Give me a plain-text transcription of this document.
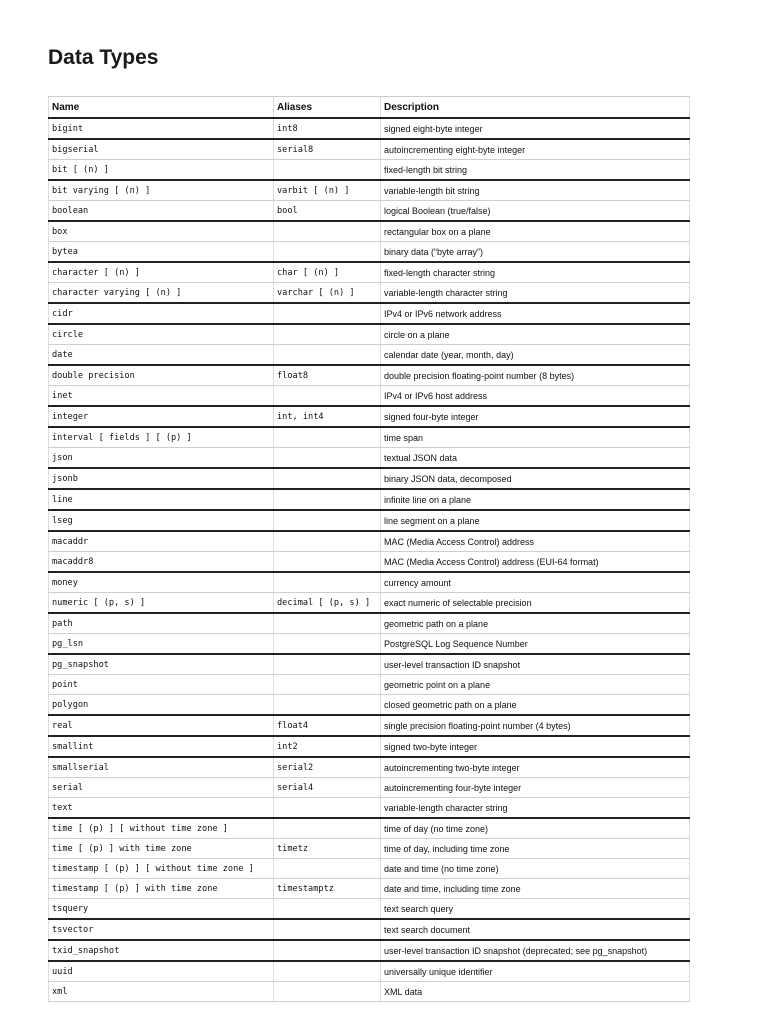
Data Types
Name	Aliases	Description
bigint	int8	signed eight-byte integer
bigserial	serial8	autoincrementing eight-byte integer
bit [ (n) ]		fixed-length bit string
bit varying [ (n) ]	varbit [ (n) ]	variable-length bit string
boolean	bool	logical Boolean (true/false)
box		rectangular box on a plane
bytea		binary data (“byte array”)
character [ (n) ]	char [ (n) ]	fixed-length character string
character varying [ (n) ]	varchar [ (n) ]	variable-length character string
cidr		IPv4 or IPv6 network address
circle		circle on a plane
date		calendar date (year, month, day)
double precision	float8	double precision floating-point number (8 bytes)
inet		IPv4 or IPv6 host address
integer	int, int4	signed four-byte integer
interval [ fields ] [ (p) ]		time span
json		textual JSON data
jsonb		binary JSON data, decomposed
line		infinite line on a plane
lseg		line segment on a plane
macaddr		MAC (Media Access Control) address
macaddr8		MAC (Media Access Control) address (EUI-64 format)
money		currency amount
numeric [ (p, s) ]	decimal [ (p, s) ]	exact numeric of selectable precision
path		geometric path on a plane
pg_lsn		PostgreSQL Log Sequence Number
pg_snapshot		user-level transaction ID snapshot
point		geometric point on a plane
polygon		closed geometric path on a plane
real	float4	single precision floating-point number (4 bytes)
smallint	int2	signed two-byte integer
smallserial	serial2	autoincrementing two-byte integer
serial	serial4	autoincrementing four-byte integer
text		variable-length character string
time [ (p) ] [ without time zone ]		time of day (no time zone)
time [ (p) ] with time zone	timetz	time of day, including time zone
timestamp [ (p) ] [ without time zone ]		date and time (no time zone)
timestamp [ (p) ] with time zone	timestamptz	date and time, including time zone
tsquery		text search query
tsvector		text search document
txid_snapshot		user-level transaction ID snapshot (deprecated; see pg_snapshot)
uuid		universally unique identifier
xml		XML data
